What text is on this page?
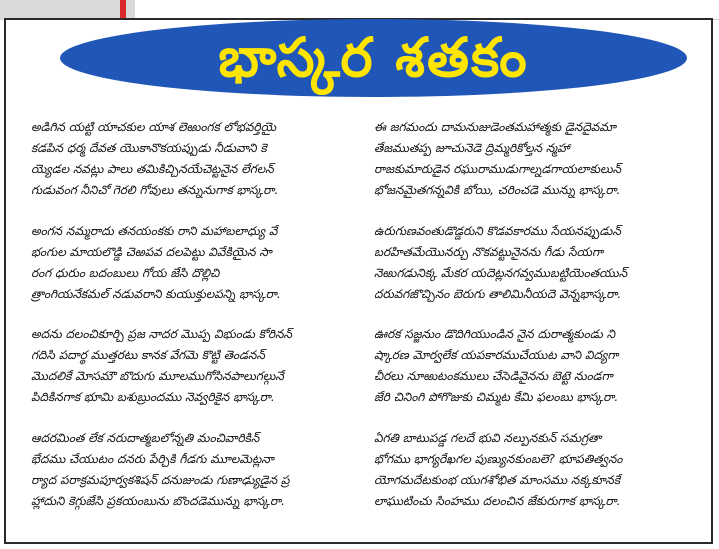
భాస్కర శతకం
అడిగిన యట్టి యాచకుల యాశ లెఱుంగక లోభవర్తియై
కడపిన ధర్మ దేవత యెుకానొకయప్పుడు నీడువాని కె
య్యెడల నవట్లు పాలు తమికిచ్చినయేచెట్టనైన లేగలన్
గుడువంగ నీనిచో గెరలి గోవులు తన్నునుగాక భాస్కరా.
అంగన నమ్మరాదు తనయంకకు రాని మహాబలాధ్యు వే
భంగుల మాయలొడ్డి చెఱపవ దలపెట్టు వివేకియైన సా
రంగ ధురుం బదంబులు గోయ జేసి దొల్లిచి
త్రాంగియనేకమల్ నడువరాని కుయుక్తులపన్ని భాస్కరా.
అదను దలంచికూర్చి ప్రజ నాదర మొప్ప విభుండు కోరినన్
గదిసి పదార్థ ముత్తరటు కానక వేగమె కొట్టి తెండనన్
మొదలికే మోసమౌ బొదుగు మూలముగోసినపాలుగల్గునే
పిదికినగాక భూమి బశుబ్రుందము నెవ్వరికైన భాస్కరా.
ఆదరమింత లేక నరుదాత్మబలోన్నతి మంచివారికిన్
భేదము చేయుటం దనరు పేర్చికి గీడగు మూలమెట్లనా
ర్యాద పరాక్రమపూర్వకశిషన్ దనుజుండు గుణాఢ్యుడైన ప్ర
హ్లాదుని కెగ్గుజేసి ప్రకయంబును బొందడెమున్ను భాస్కరా.
ఈ జగమందు దామనుజుడెంతమహాత్మకు డైనదైవమా
తేజముతప్ప జూచునెడె ద్రిమ్మరికోల్తన న్మహా
రాజకుమారుడైన రఘురాముడుగాల్నడగాయలాకులున్
భోజనమైతగన్నవికి బోయి, చరించడె మున్ను భాస్కరా.
ఉరుగుణవంతుడొడ్డరుని కొడవకారము సేయనప్పుడున్
బరహితమేయొనర్చు నొకవట్టునైనను గీడు సేయగా
నెఱుగడునిక్క మేకర యదెట్లనగవ్వముబట్టియెంతయున్
దరువగజొచ్చినం బెరుగు తాలిమినీయదె వెన్నభాస్కరా.
ఊరక సజ్జనుం డొదిగియుండిన నైన దురాత్మకుండు ని
ష్కారణ మోర్వలేక యపకారముచేయుట వాని విద్యగా
చీరలు నూఱుటంకములు చేసెడివైనను బెట్టె నుండగా
జేరి చినింగి పోగొజుకు చిమ్మట కేమి ఫలంబు భాస్కరా.
ఏగతి బాటుపడ్డ గలదే భువి నల్పునకున్ సమగ్రతా
భోగము భాగ్యరేఖగల పుణ్యునకుంబలె? భూపతిత్వనం
యోగమదేటకుంభ యుగశోభిత మాంసము నక్కకూనకే
లాఘుటించు సింహము దలంచిన జేకురుగాక భాస్కరా.
